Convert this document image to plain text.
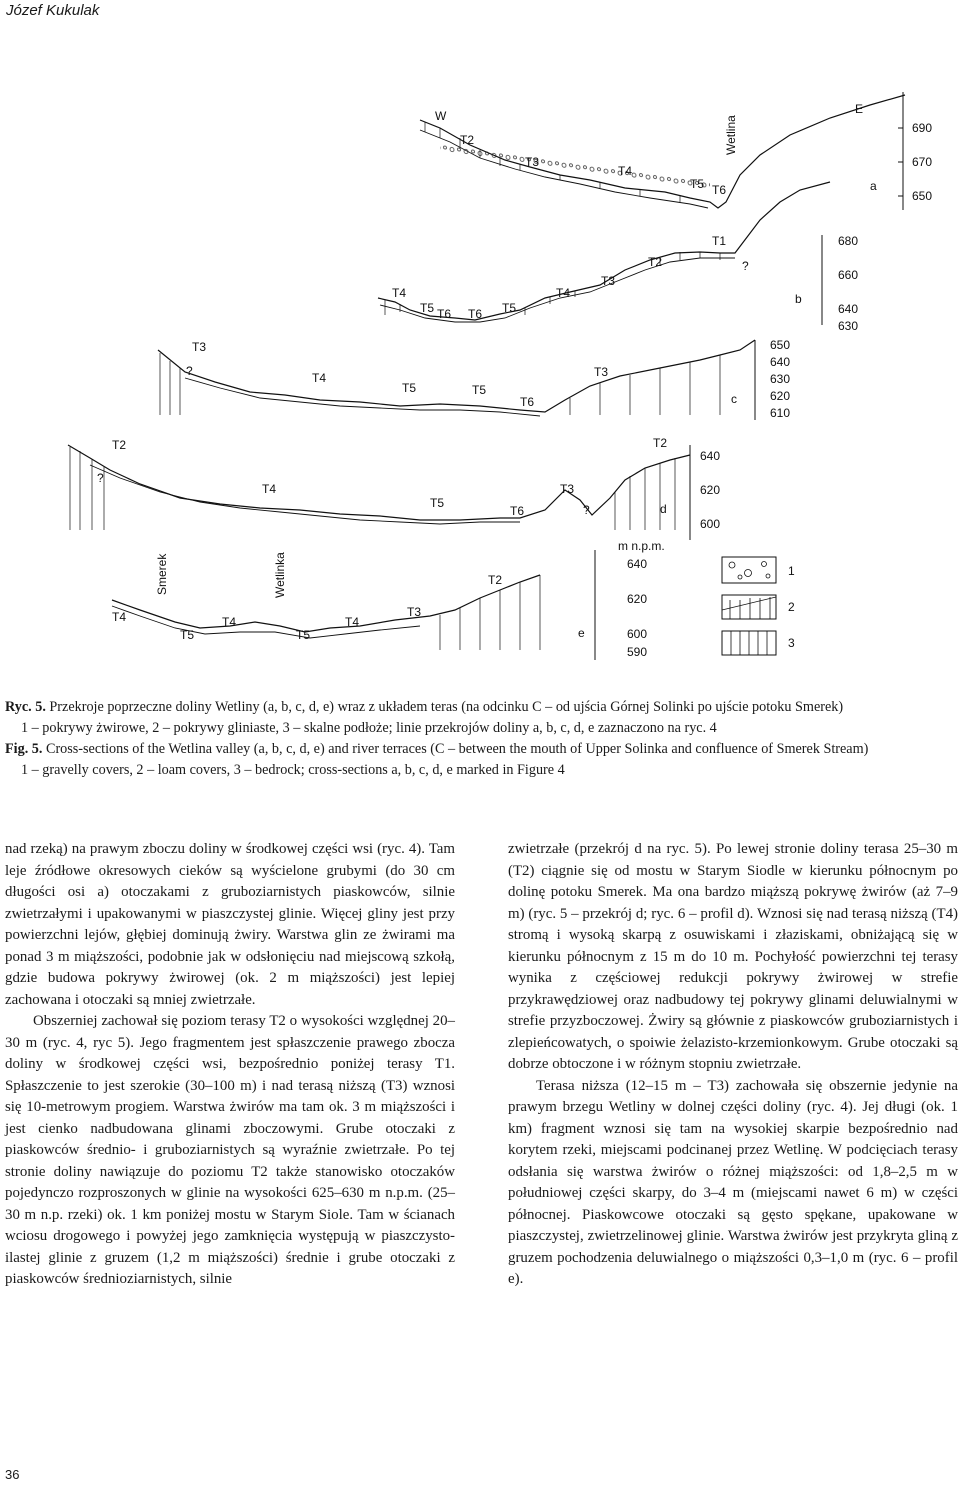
Józef Kukulak
W	E
T2
T3
T4
T5 T6
Wetlina
a
690
670
650
T4
T5 T6 T6 T5
T4
T3
T2
T1
?
b
680
660
640
630
T3
?	T4
T5	T5
T6
T3
c
650
640
630
620
610
T2
?
T4
T5
T6
T3
?
T2
d
640
620
600
Smerek	Wetlinka
T4
T5
T4
T5
T4
T3
T2
e
m n.p.m.
640
620
600
590
1
2
3

Ryc. 5. Przekroje poprzeczne doliny Wetliny (a, b, c, d, e) wraz z układem teras (na odcinku C – od ujścia Górnej Solinki po ujście potoku Smerek)

1 – pokrywy żwirowe, 2 – pokrywy gliniaste, 3 – skalne podłoże; linie przekrojów doliny a, b, c, d, e zaznaczono na ryc. 4

Fig. 5. Cross-sections of the Wetlina valley (a, b, c, d, e) and river terraces (C – between the mouth of Upper Solinka and confluence of Smerek Stream)

1 – gravelly covers, 2 – loam covers, 3 – bedrock; cross-sections a, b, c, d, e marked in Figure 4

nad rzeką) na prawym zboczu doliny w środkowej części wsi (ryc. 4). Tam leje źródłowe okresowych cieków są wyścielone grubymi (do 30 cm długości osi a) otoczakami z gruboziarnistych piaskowców, silnie zwietrzałymi i upakowanymi w piaszczystej glinie. Więcej gliny jest przy powierzchni lejów, głębiej dominują żwiry. Warstwa glin ze żwirami ma ponad 3 m miąższości, podobnie jak w odsłonięciu nad miejscową szkołą, gdzie budowa pokrywy żwirowej (ok. 2 m miąższości) jest lepiej zachowana i otoczaki są mniej zwietrzałe.

Obszerniej zachował się poziom terasy T2 o wysokości względnej 20–30 m (ryc. 4, ryc 5). Jego fragmentem jest spłaszczenie prawego zbocza doliny w środkowej części wsi, bezpośrednio poniżej terasy T1. Spłaszczenie to jest szerokie (30–100 m) i nad terasą niższą (T3) wznosi się 10-metrowym progiem. Warstwa żwirów ma tam ok. 3 m miąższości i jest cienko nadbudowana glinami zboczowymi. Grube otoczaki z piaskowców średnio- i gruboziarnistych są wyraźnie zwietrzałe. Po tej stronie doliny nawiązuje do poziomu T2 także stanowisko otoczaków pojedynczo rozproszonych w glinie na wysokości 625–630 m n.p.m. (25–30 m n.p. rzeki) ok. 1 km poniżej mostu w Starym Siole. Tam w ścianach wciosu drogowego i powyżej jego zamknięcia występują w piaszczysto-ilastej glinie z gruzem (1,2 m miąższości) średnie i grube otoczaki z piaskowców średnioziarnistych, silnie

zwietrzałe (przekrój d na ryc. 5). Po lewej stronie doliny terasa 25–30 m (T2) ciągnie się od mostu w Starym Siodle w kierunku północnym po dolinę potoku Smerek. Ma ona bardzo miąższą pokrywę żwirów (aż 7–9 m) (ryc. 5 – przekrój d; ryc. 6 – profil d). Wznosi się nad terasą niższą (T4) stromą i wysoką skarpą z osuwiskami i złaziskami, obniżającą się w kierunku północnym z 15 m do 10 m. Pochyłość powierzchni tej terasy wynika z częściowej redukcji pokrywy żwirowej w strefie przykrawędziowej oraz nadbudowy tej pokrywy glinami deluwialnymi w strefie przyzboczowej. Żwiry są głównie z piaskowców gruboziarnistych i zlepieńcowatych, o spoiwie żelazisto-krzemionkowym. Grube otoczaki są dobrze obtoczone i w różnym stopniu zwietrzałe.

Terasa niższa (12–15 m – T3) zachowała się obszernie jedynie na prawym brzegu Wetliny w dolnej części doliny (ryc. 4). Jej długi (ok. 1 km) fragment wznosi się tam na wysokiej skarpie bezpośrednio nad korytem rzeki, miejscami podcinanej przez Wetlinę. W podcięciach terasy odsłania się warstwa żwirów o różnej miąższości: od 1,8–2,5 m w południowej części skarpy, do 3–4 m (miejscami nawet 6 m) w części północnej. Piaskowcowe otoczaki są gęsto spękane, upakowane w piaszczystej, zwietrzelinowej glinie. Warstwa żwirów jest przykryta gliną z gruzem pochodzenia deluwialnego o miąższości 0,3–1,0 m (ryc. 6 – profil e).

36
